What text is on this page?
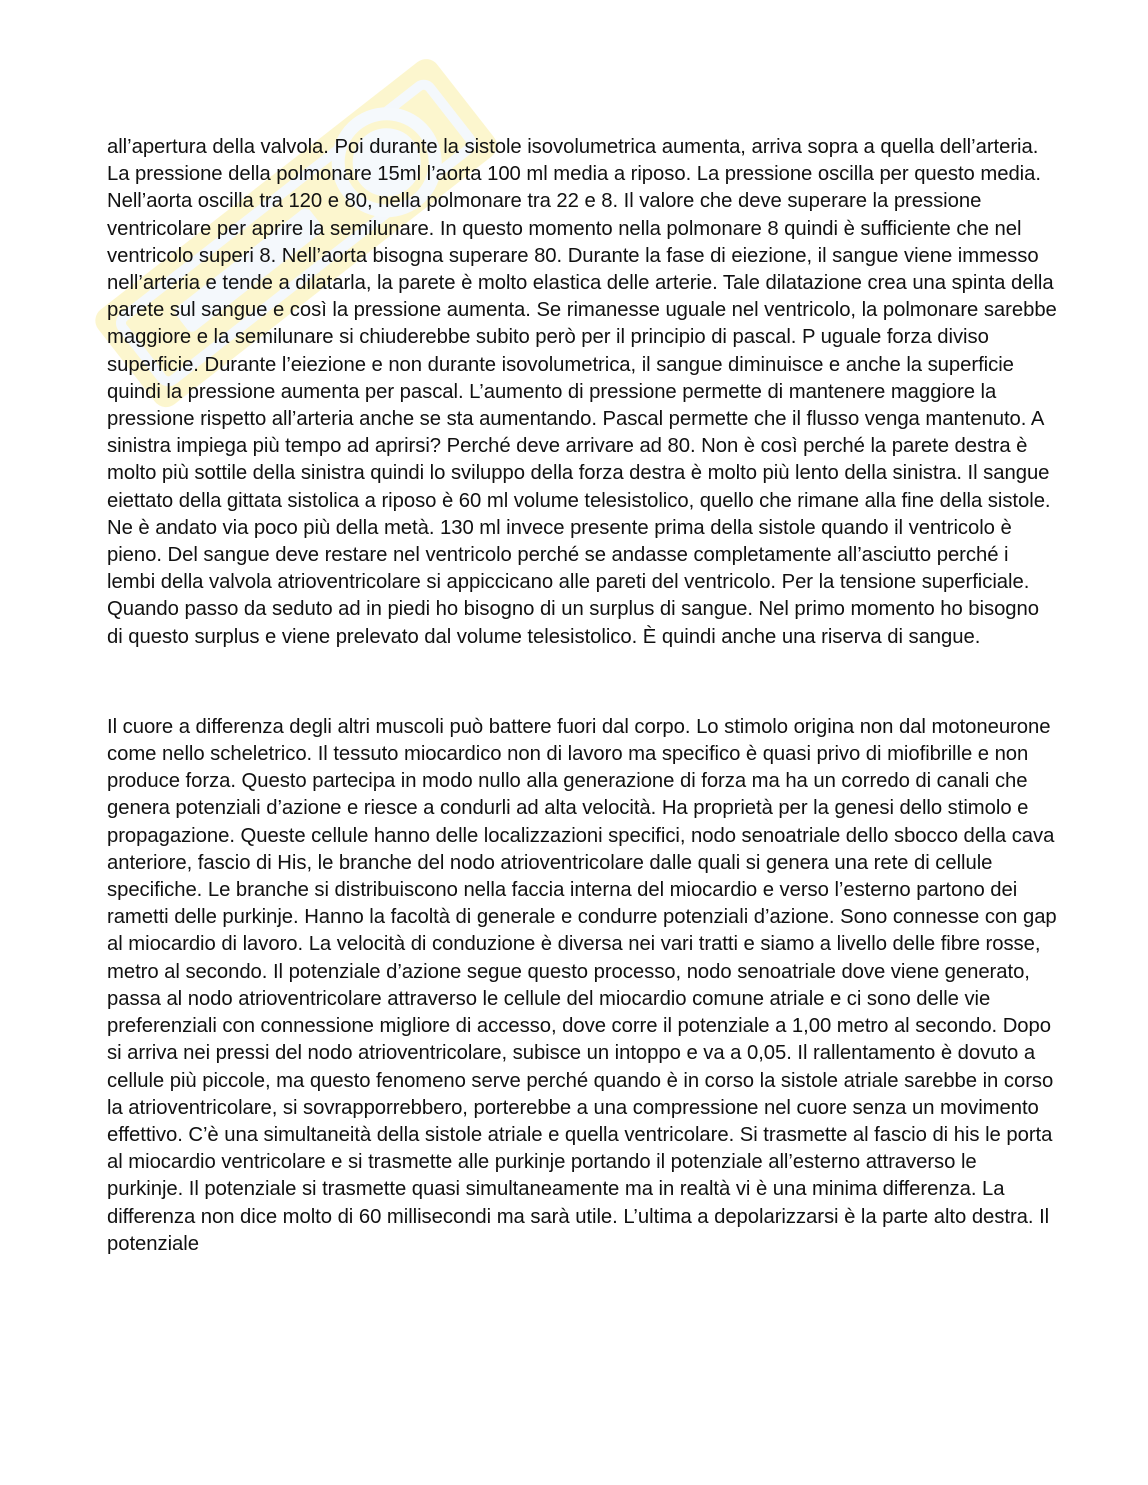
all’apertura della valvola. Poi durante la sistole isovolumetrica aumenta, arriva sopra a quella dell’arteria. La pressione della polmonare 15ml l’aorta 100 ml media a riposo. La pressione oscilla per questo media. Nell’aorta oscilla tra 120 e 80, nella polmonare tra 22 e 8. Il valore che deve superare la pressione ventricolare per aprire la semilunare. In questo momento nella polmonare 8 quindi è sufficiente che nel ventricolo superi 8. Nell’aorta bisogna superare 80. Durante la fase di eiezione, il sangue viene immesso nell’arteria e tende a dilatarla, la parete è molto elastica delle arterie. Tale dilatazione crea una spinta della parete sul sangue e così la pressione aumenta. Se rimanesse uguale nel ventricolo, la polmonare sarebbe maggiore e la semilunare si chiuderebbe subito però per il principio di pascal. P uguale forza diviso superficie. Durante l’eiezione e non durante isovolumetrica, il sangue diminuisce e anche la superficie quindi la pressione aumenta per pascal. L’aumento di pressione permette di mantenere maggiore la pressione rispetto all’arteria anche se sta aumentando. Pascal permette che il flusso venga mantenuto. A sinistra impiega più tempo ad aprirsi? Perché deve arrivare ad 80. Non è così perché la parete destra è molto più sottile della sinistra quindi lo sviluppo della forza destra è molto più lento della sinistra. Il sangue eiettato della gittata sistolica a riposo è 60 ml volume telesistolico, quello che rimane alla fine della sistole. Ne è andato via poco più della metà. 130 ml invece presente prima della sistole quando il ventricolo è pieno. Del sangue deve restare nel ventricolo perché se andasse completamente all’asciutto perché i lembi della valvola atrioventricolare si appiccicano alle pareti del ventricolo. Per la tensione superficiale. Quando passo da seduto ad in piedi ho bisogno di un surplus di sangue. Nel primo momento ho bisogno di questo surplus e viene prelevato dal volume telesistolico. È quindi anche una riserva di sangue.

Il cuore a differenza degli altri muscoli può battere fuori dal corpo. Lo stimolo origina non dal motoneurone come nello scheletrico. Il tessuto miocardico non di lavoro ma specifico è quasi privo di miofibrille e non produce forza. Questo partecipa in modo nullo alla generazione di forza ma ha un corredo di canali che genera potenziali d’azione e riesce a condurli ad alta velocità. Ha proprietà per la genesi dello stimolo e propagazione. Queste cellule hanno delle localizzazioni specifici, nodo senoatriale dello sbocco della cava anteriore, fascio di His, le branche del nodo atrioventricolare dalle quali si genera una rete di cellule specifiche. Le branche si distribuiscono nella faccia interna del miocardio e verso l’esterno partono dei rametti delle purkinje. Hanno la facoltà di generale e condurre potenziali d’azione. Sono connesse con gap al miocardio di lavoro. La velocità di conduzione è diversa nei vari tratti e siamo a livello delle fibre rosse, metro al secondo. Il potenziale d’azione segue questo processo, nodo senoatriale dove viene generato, passa al nodo atrioventricolare attraverso le cellule del miocardio comune atriale e ci sono delle vie preferenziali con connessione migliore di accesso, dove corre il potenziale a 1,00 metro al secondo. Dopo si arriva nei pressi del nodo atrioventricolare, subisce un intoppo e va a 0,05. Il rallentamento è dovuto a cellule più piccole, ma questo fenomeno serve perché quando è in corso la sistole atriale sarebbe in corso la atrioventricolare, si sovrapporrebbero, porterebbe a una compressione nel cuore senza un movimento effettivo. C’è una simultaneità della sistole atriale e quella ventricolare. Si trasmette al fascio di his le porta al miocardio ventricolare e si trasmette alle purkinje portando il potenziale all’esterno attraverso le purkinje. Il potenziale si trasmette quasi simultaneamente ma in realtà vi è una minima differenza. La differenza non dice molto di 60 millisecondi ma sarà utile. L’ultima a depolarizzarsi è la parte alto destra. Il potenziale
